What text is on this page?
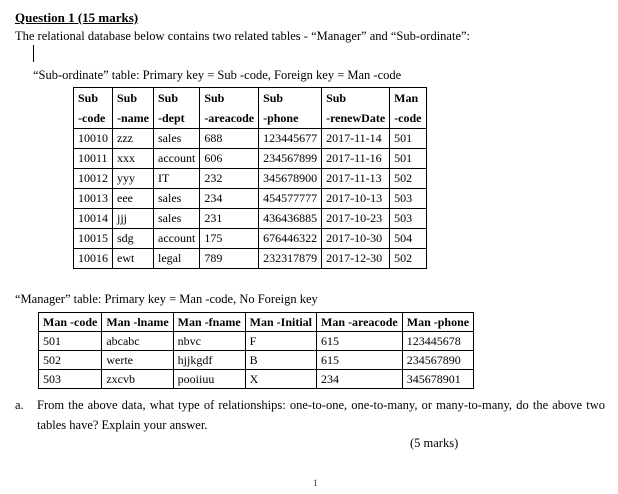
Question 1 (15 marks)
The relational database below contains two related tables - “Manager” and “Sub-ordinate”:
“Sub-ordinate” table: Primary key = Sub -code, Foreign key = Man -code
Sub	Sub	Sub	Sub	Sub	Sub	Man
-code	-name	-dept	-areacode	-phone	-renewDate	-code
10010	zzz	sales	688	123445677	2017-11-14	501
10011	xxx	account	606	234567899	2017-11-16	501
10012	yyy	IT	232	345678900	2017-11-13	502
10013	eee	sales	234	454577777	2017-10-13	503
10014	jjj	sales	231	436436885	2017-10-23	503
10015	sdg	account	175	676446322	2017-10-30	504
10016	ewt	legal	789	232317879	2017-12-30	502
“Manager” table: Primary key = Man -code, No Foreign key
Man -code	Man -lname	Man -fname	Man -Initial	Man -areacode	Man -phone
501	abcabc	nbvc	F	615	123445678
502	werte	hjjkgdf	B	615	234567890
503	zxcvb	pooiiuu	X	234	345678901
a. From the above data, what type of relationships: one-to-one, one-to-many, or many-to-many, do the above two tables have? Explain your answer.
(5 marks)
1
